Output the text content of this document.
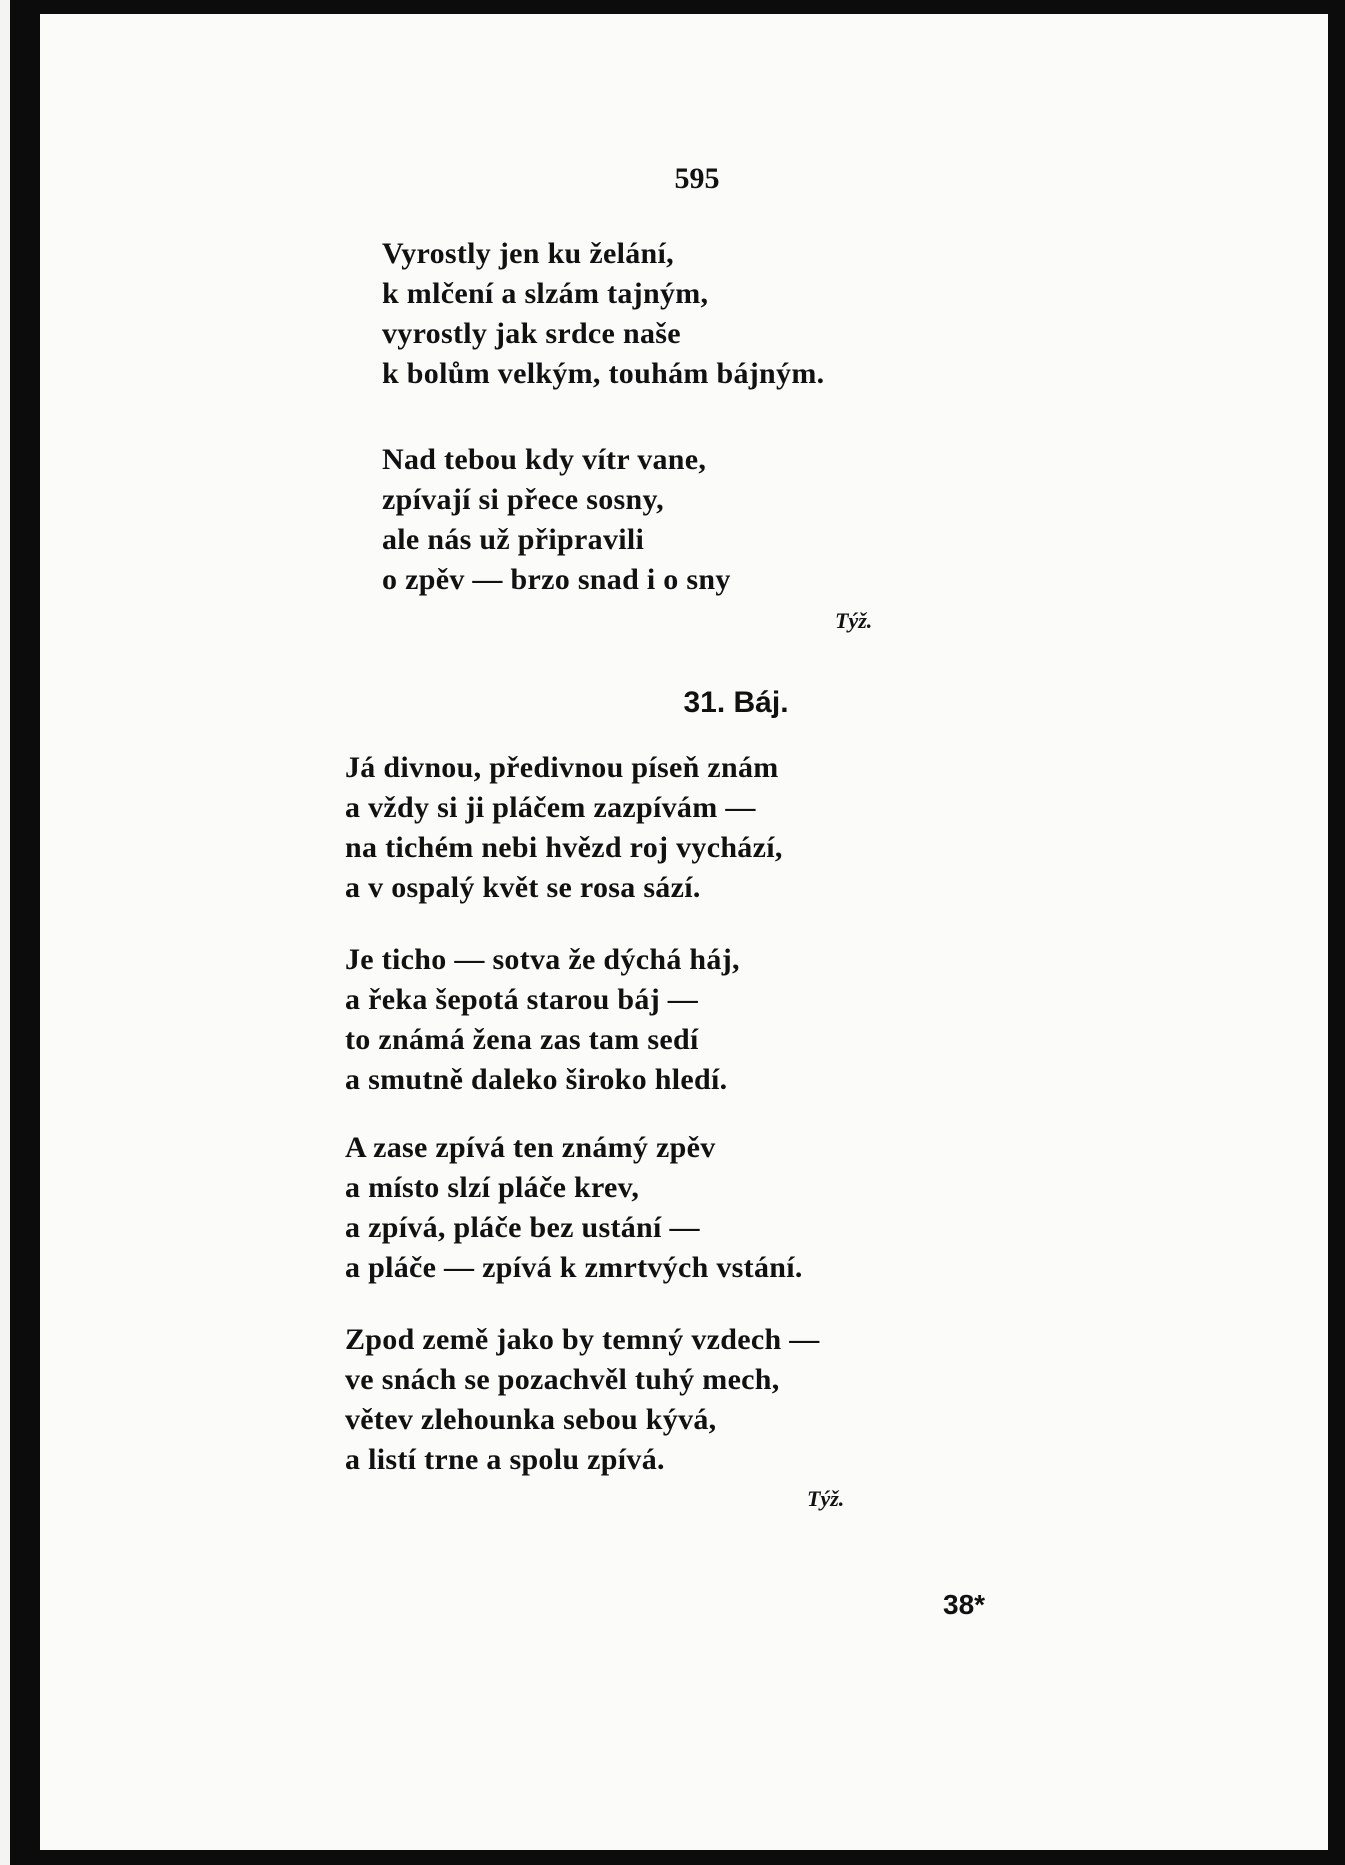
595
Vyrostly jen ku želání,
k mlčení a slzám tajným,
vyrostly jak srdce naše
k bolům velkým, touhám bájným.
Nad tebou kdy vítr vane,
zpívají si přece sosny,
ale nás už připravili
o zpěv — brzo snad i o sny
Týž.
31. Báj.
Já divnou, předivnou píseň znám
a vždy si ji pláčem zazpívám —
na tichém nebi hvězd roj vychází,
a v ospalý květ se rosa sází.
Je ticho — sotva že dýchá háj,
a řeka šepotá starou báj —
to známá žena zas tam sedí
a smutně daleko široko hledí.
A zase zpívá ten známý zpěv
a místo slzí pláče krev,
a zpívá, pláče bez ustání —
a pláče — zpívá k zmrtvých vstání.
Zpod země jako by temný vzdech —
ve snách se pozachvěl tuhý mech,
větev zlehounka sebou kývá,
a listí trne a spolu zpívá.
Týž.
38*
